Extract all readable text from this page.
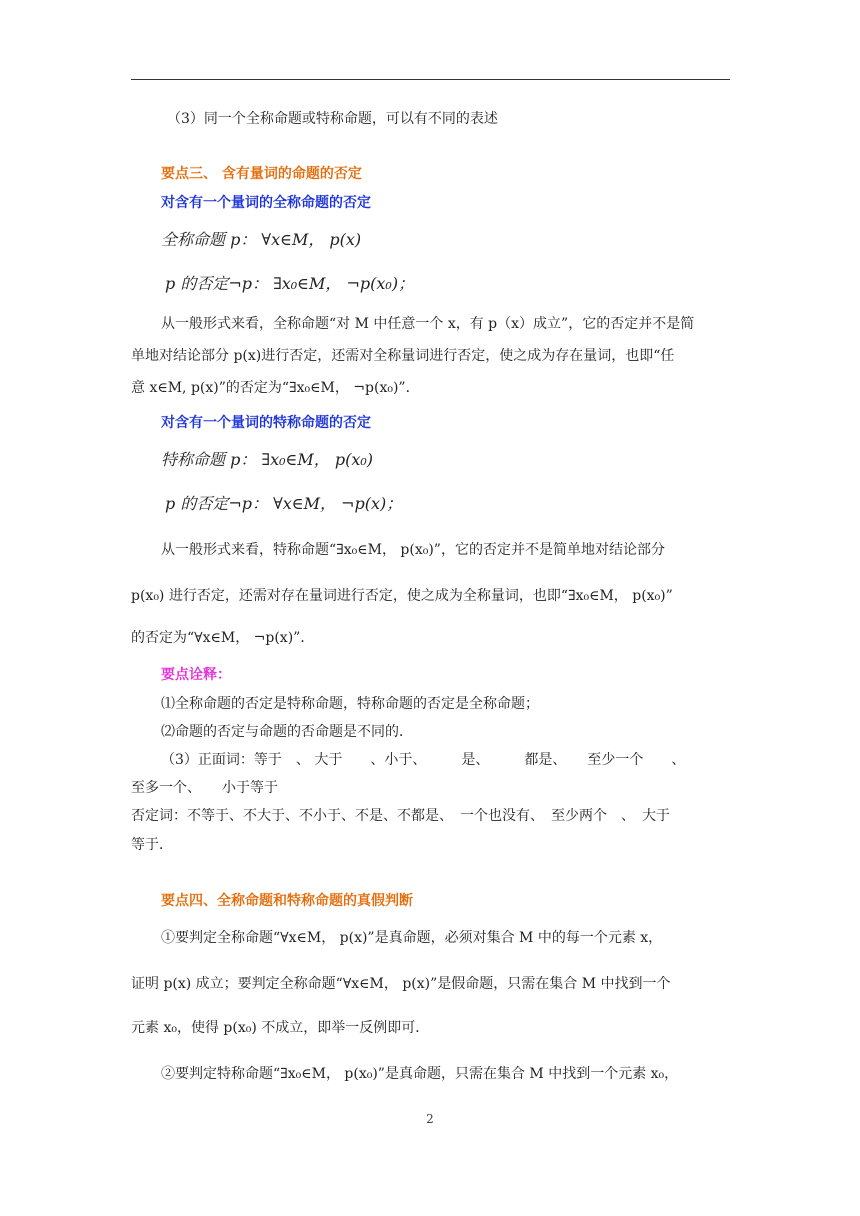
（3）同一个全称命题或特称命题，可以有不同的表述
要点三、 含有量词的命题的否定
对含有一个量词的全称命题的否定
全称命题 p： ∀x∈M， p(x)
p 的否定¬p： ∃x₀∈M， ¬p(x₀)；
从一般形式来看，全称命题“对 M 中任意一个 x，有 p（x）成立”，它的否定并不是简
单地对结论部分 p(x)进行否定，还需对全称量词进行否定，使之成为存在量词，也即“任
意 x∈M, p(x)”的否定为“∃x₀∈M， ¬p(x₀)”．
对含有一个量词的特称命题的否定
特称命题 p： ∃x₀∈M， p(x₀)
p 的否定¬p： ∀x∈M， ¬p(x)；
从一般形式来看，特称命题“∃x₀∈M， p(x₀)”，它的否定并不是简单地对结论部分
p(x₀) 进行否定，还需对存在量词进行否定，使之成为全称量词，也即“∃x₀∈M， p(x₀)”
的否定为“∀x∈M， ¬p(x)”．
要点诠释：
⑴全称命题的否定是特称命题，特称命题的否定是全称命题；
⑵命题的否定与命题的否命题是不同的．
（3）正面词：等于　、 大于　　、小于、　　　是、　　　都是、　　至少一个　　、
至多一个、　　小于等于
否定词：不等于、不大于、不小于、不是、不都是、　一个也没有、　至少两个　、　大于
等于．
要点四、全称命题和特称命题的真假判断
①要判定全称命题“∀x∈M， p(x)”是真命题，必须对集合 M 中的每一个元素 x，
证明 p(x) 成立；要判定全称命题“∀x∈M， p(x)”是假命题，只需在集合 M 中找到一个
元素 x₀，使得 p(x₀) 不成立，即举一反例即可．
②要判定特称命题“∃x₀∈M， p(x₀)”是真命题，只需在集合 M 中找到一个元素 x₀，
2
